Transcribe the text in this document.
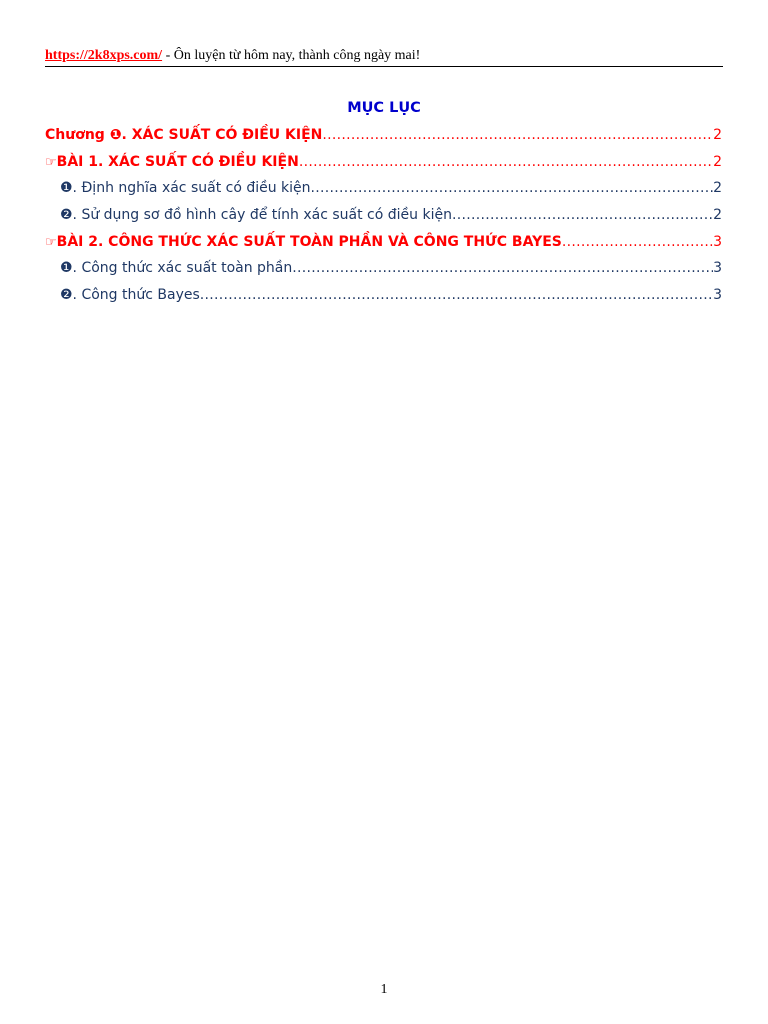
https://2k8xps.com/ - Ôn luyện từ hôm nay, thành công ngày mai!
MỤC LỤC
Chương ❶. XÁC SUẤT CÓ ĐIỀU KIỆN .....	2
☞ BÀI 1. XÁC SUẤT CÓ ĐIỀU KIỆN .....	2
❶. Định nghĩa xác suất có điều kiện .....	2
❷. Sử dụng sơ đồ hình cây để tính xác suất có điều kiện .....	2
☞ BÀI 2. CÔNG THỨC XÁC SUẤT TOÀN PHẦN VÀ CÔNG THỨC BAYES .....	3
❶. Công thức xác suất toàn phần .....	3
❷. Công thức Bayes .....	3
1
